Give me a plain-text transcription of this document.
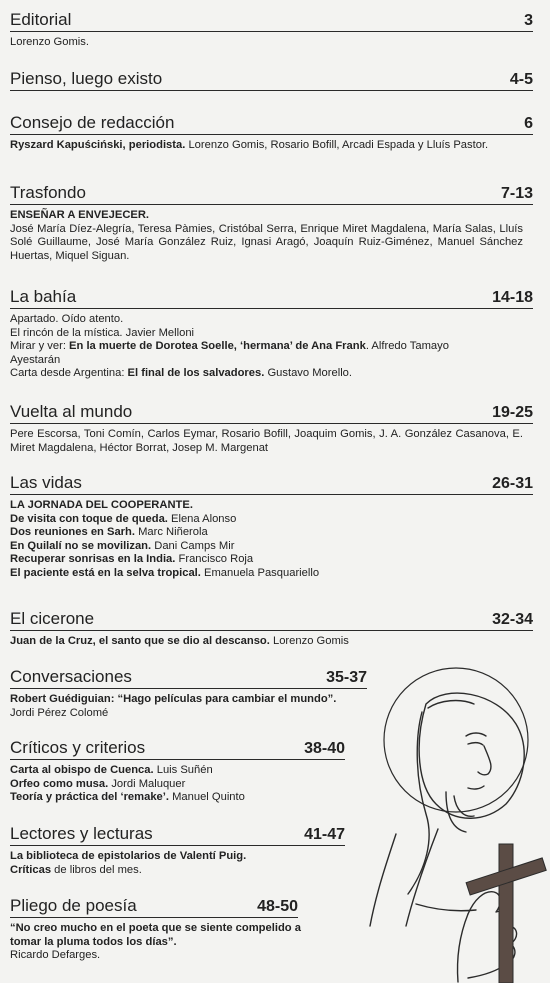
Editorial	3

Lorenzo Gomis.

Pienso, luego existo	4-5
Consejo de redacción	6

Ryszard Kapuściński, periodista. Lorenzo Gomis, Rosario Bofill, Arcadi Espada y Lluís Pastor.

Trasfondo	7-13

ENSEÑAR A ENVEJECER.

José María Díez-Alegría, Teresa Pàmies, Cristóbal Serra, Enrique Miret Magdalena, María Salas, Lluís Solé Guillaume, José María González Ruiz, Ignasi Aragó, Joaquín Ruiz-Giménez, Manuel Sánchez Huertas, Miquel Siguan.

La bahía	14-18

Apartado. Oído atento.

El rincón de la mística. Javier Melloni

Mirar y ver: En la muerte de Dorotea Soelle, ‘hermana’ de Ana Frank. Alfredo Tamayo Ayestarán

Carta desde Argentina: El final de los salvadores. Gustavo Morello.

Vuelta al mundo	19-25

Pere Escorsa, Toni Comín, Carlos Eymar, Rosario Bofill, Joaquim Gomis, J. A. González Casanova, E. Miret Magdalena, Héctor Borrat, Josep M. Margenat

Las vidas	26-31

LA JORNADA DEL COOPERANTE.

De visita con toque de queda. Elena Alonso

Dos reuniones en Sarh. Marc Niñerola

En Quilalí no se movilizan. Dani Camps Mir

Recuperar sonrisas en la India. Francisco Roja

El paciente está en la selva tropical. Emanuela Pasquariello

El cicerone	32-34

Juan de la Cruz, el santo que se dio al descanso. Lorenzo Gomis

Conversaciones	35-37

Robert Guédiguian: “Hago películas para cambiar el mundo”. Jordi Pérez Colomé

Críticos y criterios	38-40

Carta al obispo de Cuenca. Luis Suñén

Orfeo como musa. Jordi Maluquer

Teoría y práctica del ‘remake’. Manuel Quinto

Lectores y lecturas	41-47

La biblioteca de epistolarios de Valentí Puig.

Críticas de libros del mes.

Pliego de poesía	48-50

“No creo mucho en el poeta que se siente compelido a tomar la pluma todos los días”.

Ricardo Defarges.
